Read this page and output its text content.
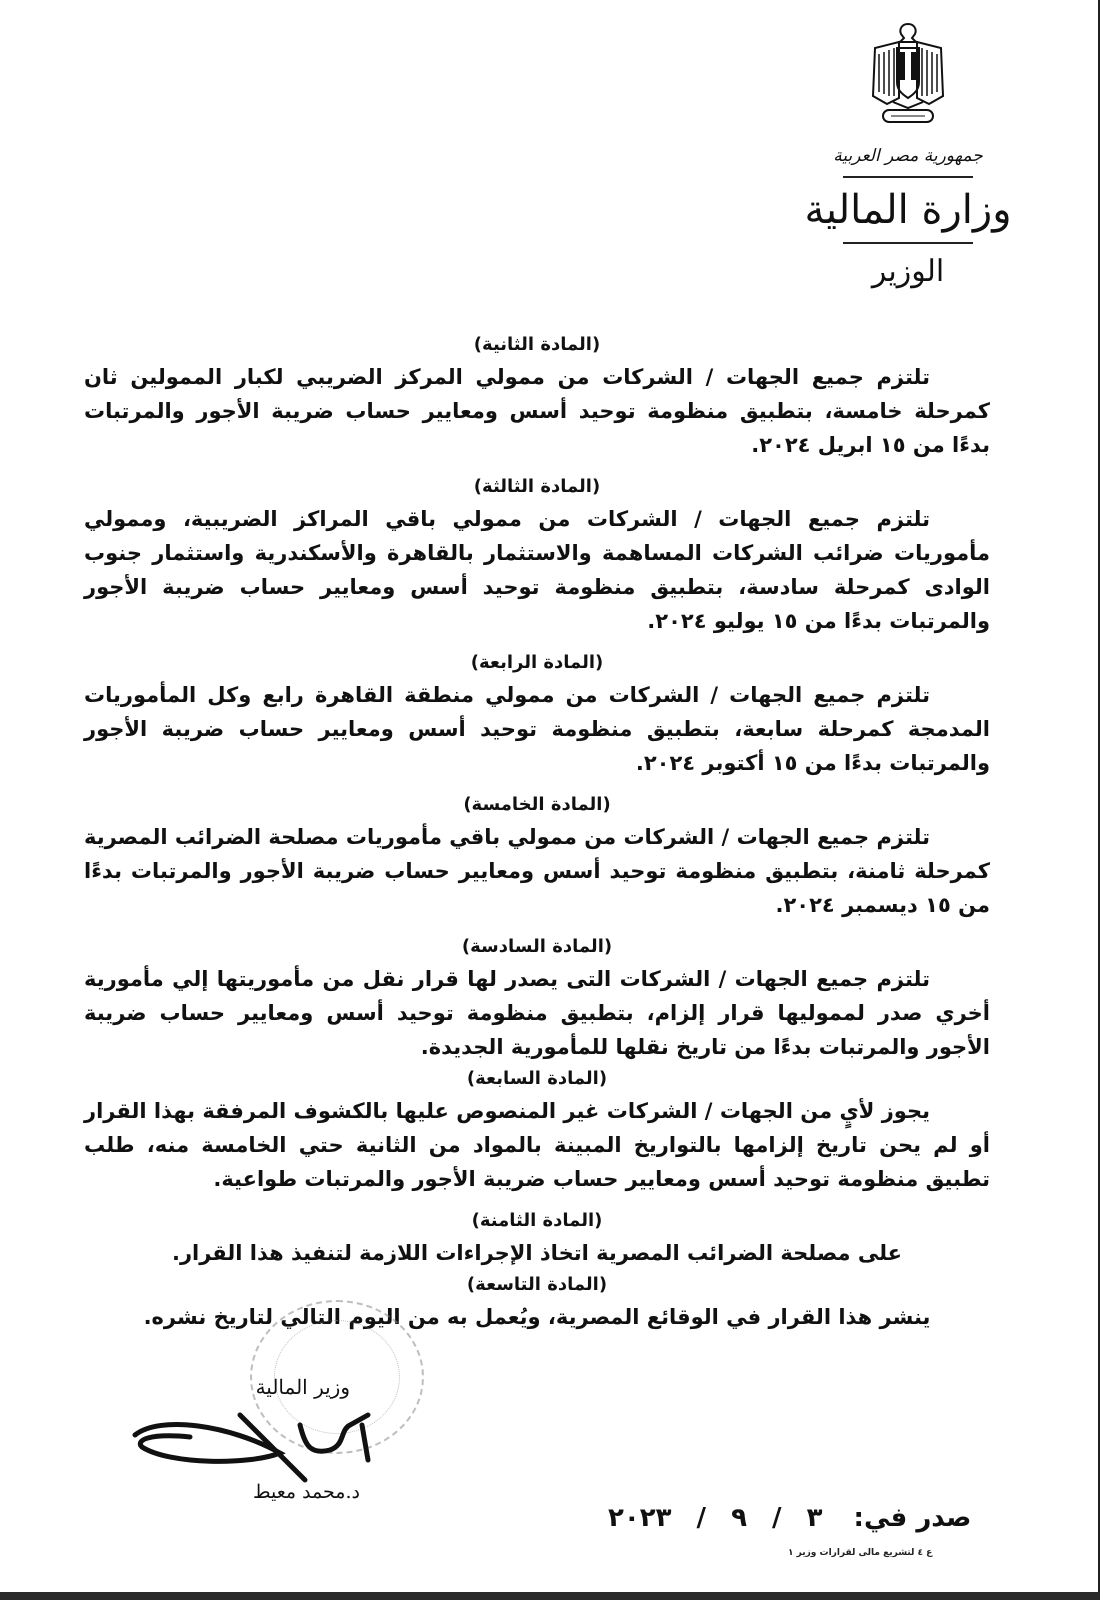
جمهورية مصر العربية
وزارة المالية
الوزير

(المادة الثانية)

تلتزم جميع الجهات / الشركات من ممولي المركز الضريبي لكبار الممولين ثان كمرحلة خامسة، بتطبيق منظومة توحيد أسس ومعايير حساب ضريبة الأجور والمرتبات بدءًا من ١٥ ابريل ٢٠٢٤.

(المادة الثالثة)

تلتزم جميع الجهات / الشركات من ممولي باقي المراكز الضريبية، وممولي مأموريات ضرائب الشركات المساهمة والاستثمار بالقاهرة والأسكندرية واستثمار جنوب الوادى كمرحلة سادسة، بتطبيق منظومة توحيد أسس ومعايير حساب ضريبة الأجور والمرتبات بدءًا من ١٥ يوليو ٢٠٢٤.

(المادة الرابعة)

تلتزم جميع الجهات / الشركات من ممولي منطقة القاهرة رابع وكل المأموريات المدمجة كمرحلة سابعة، بتطبيق منظومة توحيد أسس ومعايير حساب ضريبة الأجور والمرتبات بدءًا من ١٥ أكتوبر ٢٠٢٤.

(المادة الخامسة)

تلتزم جميع الجهات / الشركات من ممولي باقي مأموريات مصلحة الضرائب المصرية كمرحلة ثامنة، بتطبيق منظومة توحيد أسس ومعايير حساب ضريبة الأجور والمرتبات بدءًا من ١٥ ديسمبر ٢٠٢٤.

(المادة السادسة)

تلتزم جميع الجهات / الشركات التى يصدر لها قرار نقل من مأموريتها إلي مأمورية أخري صدر لمموليها قرار إلزام، بتطبيق منظومة توحيد أسس ومعايير حساب ضريبة الأجور والمرتبات بدءًا من تاريخ نقلها للمأمورية الجديدة.

(المادة السابعة)

يجوز لأيٍ من الجهات / الشركات غير المنصوص عليها بالكشوف المرفقة بهذا القرار أو لم يحن تاريخ إلزامها بالتواريخ المبينة بالمواد من الثانية حتي الخامسة منه، طلب تطبيق منظومة توحيد أسس ومعايير حساب ضريبة الأجور والمرتبات طواعية.

(المادة الثامنة)

على مصلحة الضرائب المصرية اتخاذ الإجراءات اللازمة لتنفيذ هذا القرار.

(المادة التاسعة)

ينشر هذا القرار في الوقائع المصرية، ويُعمل به من اليوم التالي لتاريخ نشره.

وزير المالية
د.محمد معيط
صدر في: ٣ / ٩ / ٢٠٢٣
ع ٤ لتشريع مالى لقرارات وزير ١
